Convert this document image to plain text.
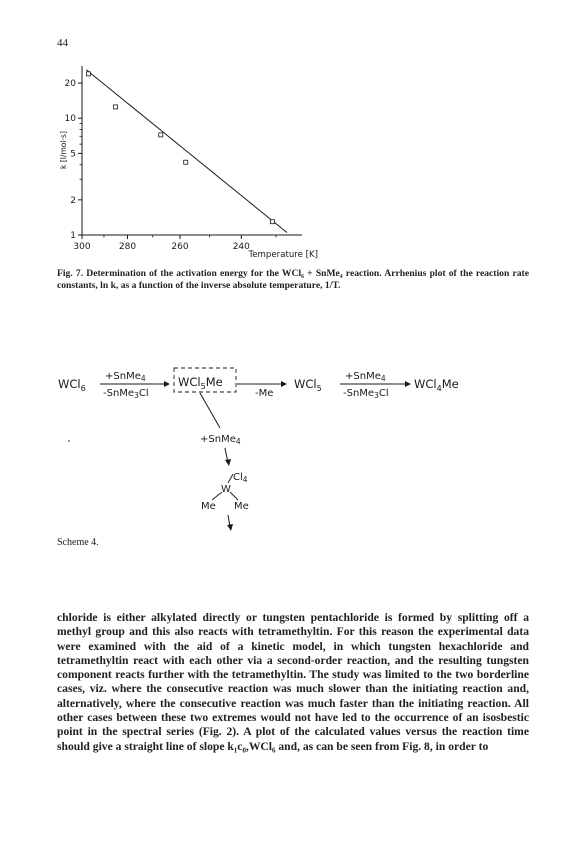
44
1
2
5
10
20
300	280	260	240
Temperature [K]
k [l/mol·s]
Fig. 7. Determination of the activation energy for the WCl₆ + SnMe₄ reaction. Arrhenius plot of the reaction rate constants, ln k, as a function of the inverse absolute temperature, 1/T.
WCl$_6$
+SnMe$_4$
-SnMe$_3$Cl
WCl$_5$Me
-Me
WCl$_5$
+SnMe$_4$
-SnMe$_3$Cl
WCl$_4$Me
+SnMe$_4$
$Cl_4$
W
Me Me
Scheme 4.

chloride is either alkylated directly or tungsten pentachloride is formed by splitting off a methyl group and this also reacts with tetramethyltin. For this reason the experimental data were examined with the aid of a kinetic model, in which tungsten hexachloride and tetramethyltin react with each other via a second-order reaction, and the resulting tungsten component reacts further with the tetramethyltin. The study was limited to the two borderline cases, viz. where the consecutive reaction was much slower than the initiating reaction and, alternatively, where the consecutive reaction was much faster than the initiating reaction. All other cases between these two extremes would not have led to the occurrence of an isosbestic point in the spectral series (Fig. 2). A plot of the calculated values versus the reaction time should give a straight line of slope k₁c₀,WCl₆ and, as can be seen from Fig. 8, in order to
